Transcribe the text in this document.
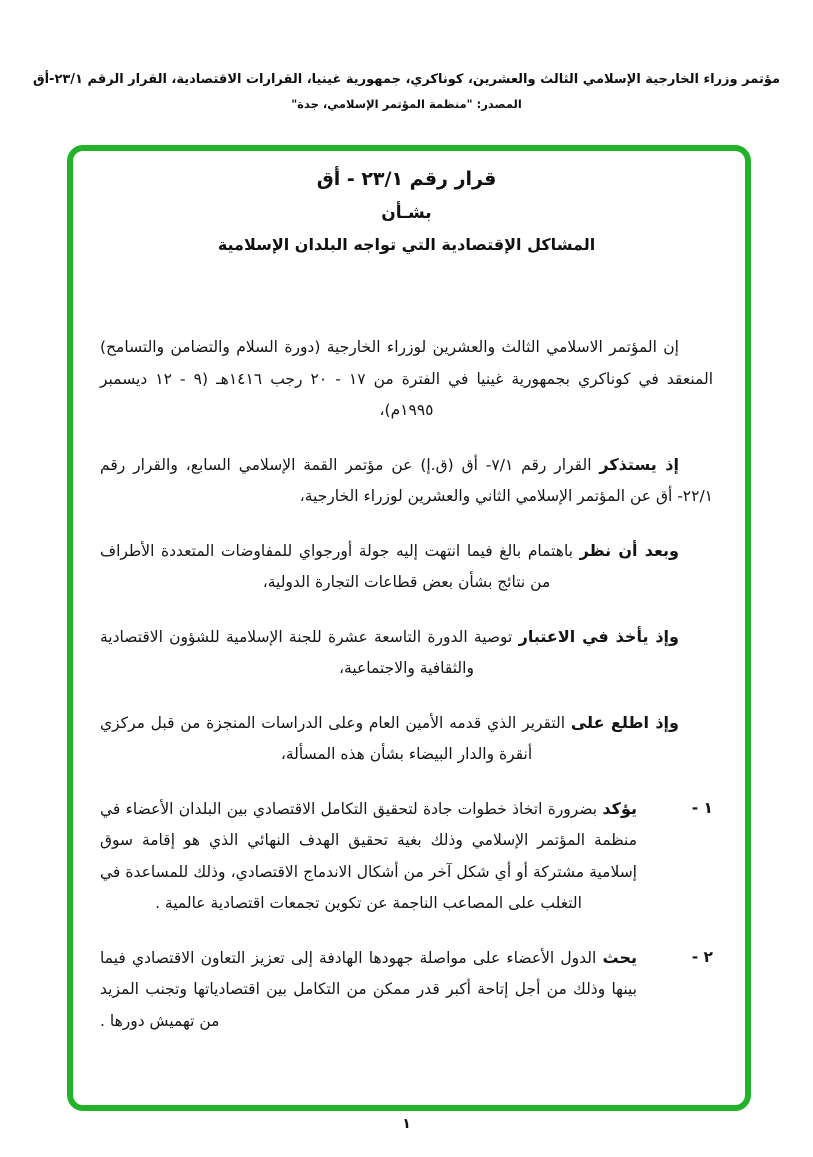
مؤتمر وزراء الخارجية الإسلامي الثالث والعشرين، كوناكري، جمهورية غينيا، القرارات الاقتصادية، القرار الرقم ٢٣/١-أق
المصدر: "منظمة المؤتمر الإسلامي، جدة"
قرار رقم ٢٣/١ - أق
بشـأن
المشاكل الإقتصادية التي تواجه البلدان الإسلامية

إن المؤتمر الاسلامي الثالث والعشرين لوزراء الخارجية (دورة السلام والتضامن والتسامح) المنعقد في كوناكري بجمهورية غينيا في الفترة من ١٧ - ٢٠ رجب ١٤١٦هـ (٩ - ١٢ ديسمبر ١٩٩٥م)،

إذ يستذكر القرار رقم ٧/١- أق (ق.إ) عن مؤتمر القمة الإسلامي السابع، والقرار رقم ٢٢/١- أق عن المؤتمر الإسلامي الثاني والعشرين لوزراء الخارجية،

وبعد أن نظر باهتمام بالغ فيما انتهت إليه جولة أورجواي للمفاوضات المتعددة الأطراف من نتائج بشأن بعض قطاعات التجارة الدولية،

وإذ يأخذ في الاعتبار توصية الدورة التاسعة عشرة للجنة الإسلامية للشؤون الاقتصادية والثقافية والاجتماعية،

وإذ اطلع على التقرير الذي قدمه الأمين العام وعلى الدراسات المنجزة من قبل مركزي أنقرة والدار البيضاء بشأن هذه المسألة،

١ -
يؤكد بضرورة اتخاذ خطوات جادة لتحقيق التكامل الاقتصادي بين البلدان الأعضاء في منظمة المؤتمر الإسلامي وذلك بغية تحقيق الهدف النهائي الذي هو إقامة سوق إسلامية مشتركة أو أي شكل آخر من أشكال الاندماج الاقتصادي، وذلك للمساعدة في التغلب على المصاعب الناجمة عن تكوين تجمعات اقتصادية عالمية .
٢ -
يحث الدول الأعضاء على مواصلة جهودها الهادفة إلى تعزيز التعاون الاقتصادي فيما بينها وذلك من أجل إتاحة أكبر قدر ممكن من التكامل بين اقتصادياتها وتجنب المزيد من تهميش دورها .
١
